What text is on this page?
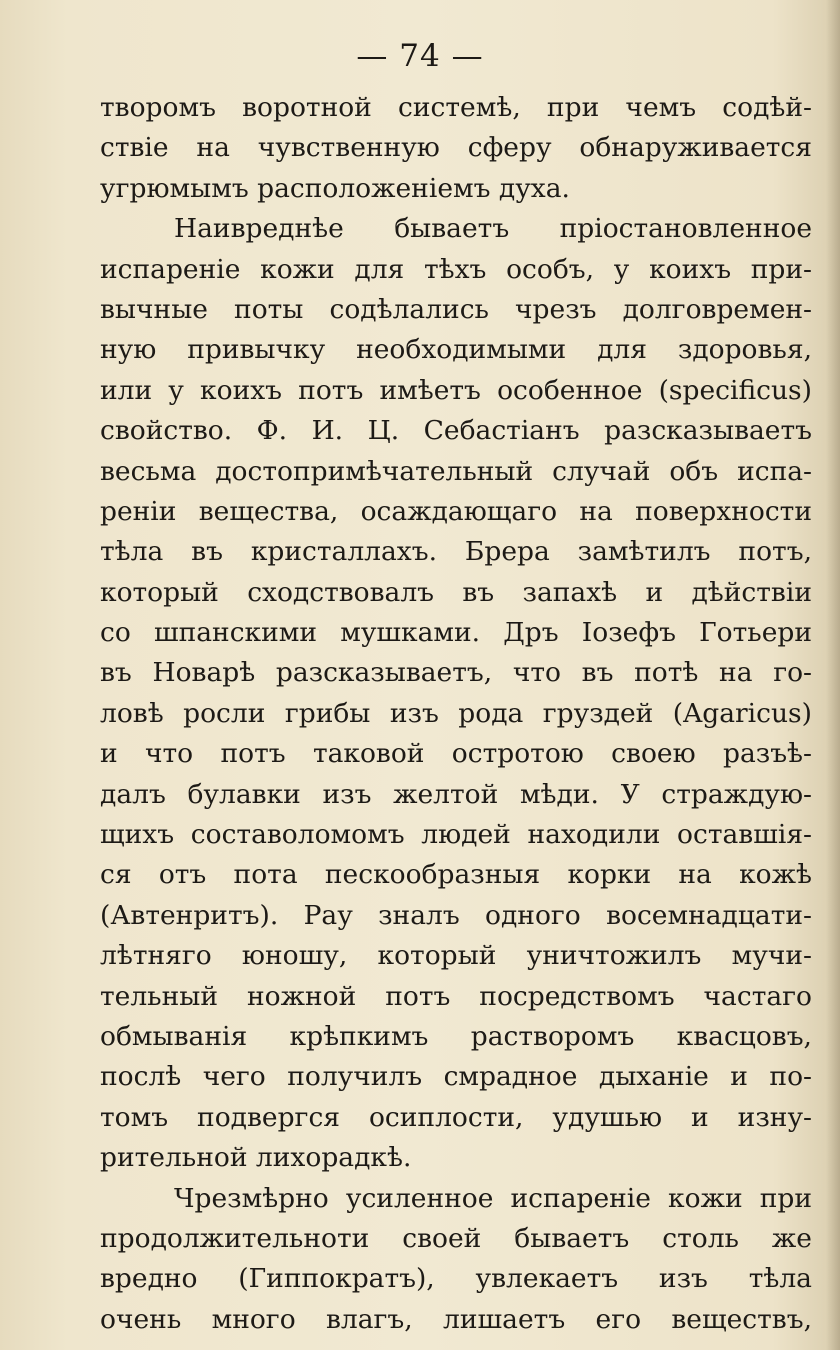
— 74 —
творомъ воротной системѣ, при чемъ содѣй-
ствіе на чувственную сферу обнаруживается
угрюмымъ расположеніемъ духа.
Наивреднѣе бываетъ пріостановленное
испареніе кожи для тѣхъ особъ, у коихъ при-
вычные поты содѣлались чрезъ долговремен-
ную привычку необходимыми для здоровья,
или у коихъ потъ имѣетъ особенное (specificus)
свойство. Ф. И. Ц. Себастіанъ разсказываетъ
весьма достопримѣчательный случай объ испа-
реніи вещества, осаждающаго на поверхности
тѣла въ кристаллахъ. Брера замѣтилъ потъ,
который сходствовалъ въ запахѣ и дѣйствіи
со шпанскими мушками. Дръ Іозефъ Готьери
въ Новарѣ разсказываетъ, что въ потѣ на го-
ловѣ росли грибы изъ рода груздей (Agaricus)
и что потъ таковой остротою своею разъѣ-
далъ булавки изъ желтой мѣди. У страждую-
щихъ составоломомъ людей находили оставшія-
ся отъ пота пескообразныя корки на кожѣ
(Автенритъ). Рау зналъ одного восемнадцати-
лѣтняго юношу, который уничтожилъ мучи-
тельный ножной потъ посредствомъ частаго
обмыванія крѣпкимъ раствopомъ квасцовъ,
послѣ чего получилъ смрадное дыханіе и по-
томъ подвергся осиплости, удушью и изну-
рительной лихорадкѣ.
Чрезмѣрно усиленное испареніе кожи при
продолжительноти своей бываетъ столь же
вредно (Гиппократъ), увлекаетъ изъ тѣла
очень много влагъ, лишаетъ его веществъ,
